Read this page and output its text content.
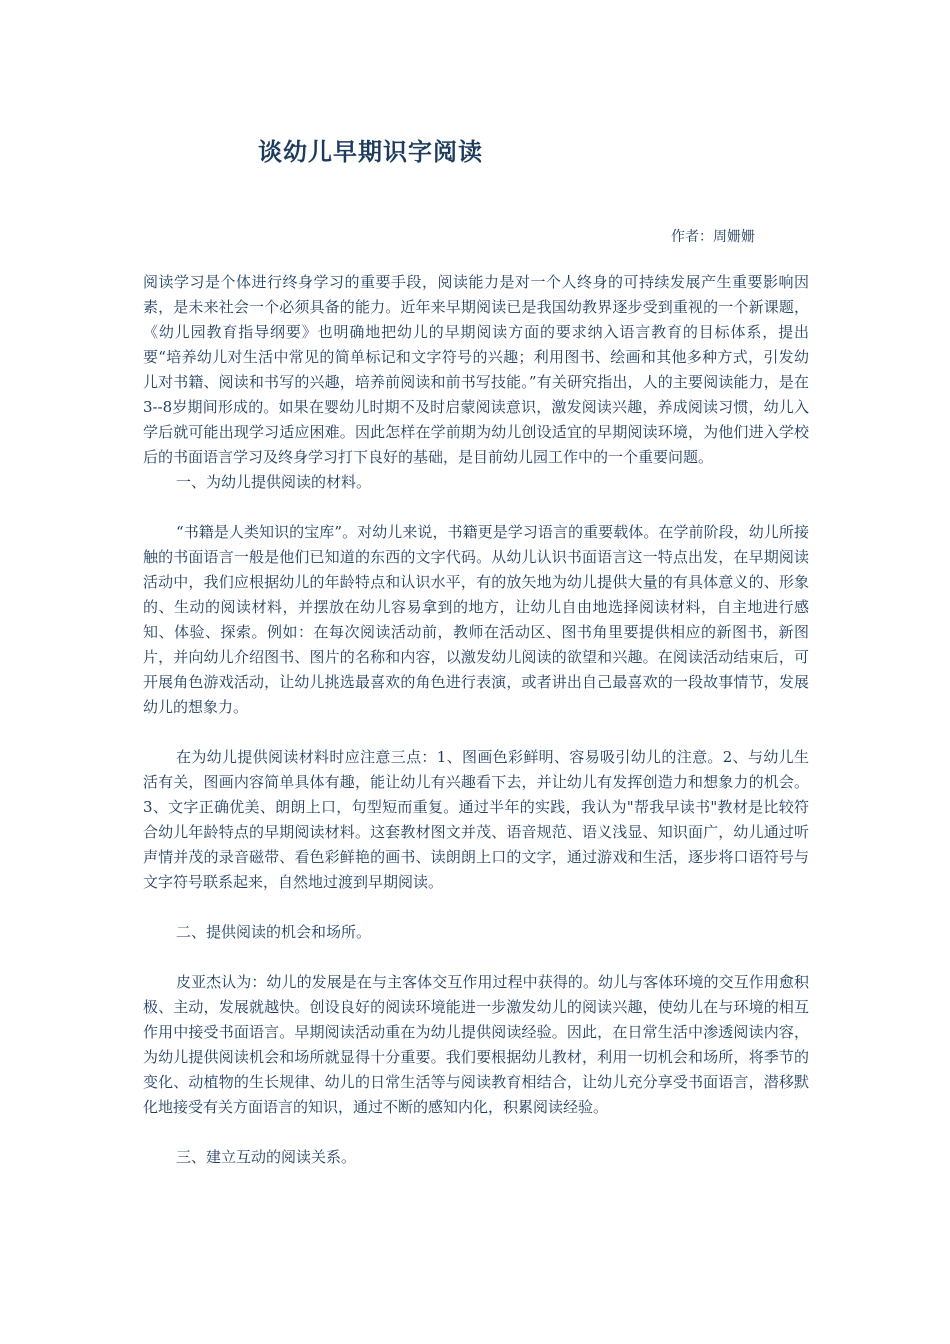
谈幼儿早期识字阅读
作者：周姗姗

阅读学习是个体进行终身学习的重要手段，阅读能力是对一个人终身的可持续发展产生重要影响因素，是未来社会一个必须具备的能力。近年来早期阅读已是我国幼教界逐步受到重视的一个新课题，《幼儿园教育指导纲要》也明确地把幼儿的早期阅读方面的要求纳入语言教育的目标体系，提出要“培养幼儿对生活中常见的简单标记和文字符号的兴趣；利用图书、绘画和其他多种方式，引发幼儿对书籍、阅读和书写的兴趣，培养前阅读和前书写技能。”有关研究指出，人的主要阅读能力，是在3--8岁期间形成的。如果在婴幼儿时期不及时启蒙阅读意识，激发阅读兴趣，养成阅读习惯，幼儿入学后就可能出现学习适应困难。因此怎样在学前期为幼儿创设适宜的早期阅读环境，为他们进入学校后的书面语言学习及终身学习打下良好的基础，是目前幼儿园工作中的一个重要问题。

一、为幼儿提供阅读的材料。

“书籍是人类知识的宝库”。对幼儿来说，书籍更是学习语言的重要载体。在学前阶段，幼儿所接触的书面语言一般是他们已知道的东西的文字代码。从幼儿认识书面语言这一特点出发，在早期阅读活动中，我们应根据幼儿的年龄特点和认识水平，有的放矢地为幼儿提供大量的有具体意义的、形象的、生动的阅读材料，并摆放在幼儿容易拿到的地方，让幼儿自由地选择阅读材料，自主地进行感知、体验、探索。例如：在每次阅读活动前，教师在活动区、图书角里要提供相应的新图书，新图片，并向幼儿介绍图书、图片的名称和内容，以激发幼儿阅读的欲望和兴趣。在阅读活动结束后，可开展角色游戏活动，让幼儿挑选最喜欢的角色进行表演，或者讲出自己最喜欢的一段故事情节，发展幼儿的想象力。

在为幼儿提供阅读材料时应注意三点：1、图画色彩鲜明、容易吸引幼儿的注意。2、与幼儿生活有关，图画内容简单具体有趣，能让幼儿有兴趣看下去，并让幼儿有发挥创造力和想象力的机会。3、文字正确优美、朗朗上口，句型短而重复。通过半年的实践，我认为"帮我早读书"教材是比较符合幼儿年龄特点的早期阅读材料。这套教材图文并茂、语音规范、语义浅显、知识面广，幼儿通过听声情并茂的录音磁带、看色彩鲜艳的画书、读朗朗上口的文字，通过游戏和生活，逐步将口语符号与文字符号联系起来，自然地过渡到早期阅读。

二、提供阅读的机会和场所。

皮亚杰认为：幼儿的发展是在与主客体交互作用过程中获得的。幼儿与客体环境的交互作用愈积极、主动，发展就越快。创设良好的阅读环境能进一步激发幼儿的阅读兴趣，使幼儿在与环境的相互作用中接受书面语言。早期阅读活动重在为幼儿提供阅读经验。因此，在日常生活中渗透阅读内容，为幼儿提供阅读机会和场所就显得十分重要。我们要根据幼儿教材，利用一切机会和场所，将季节的变化、动植物的生长规律、幼儿的日常生活等与阅读教育相结合，让幼儿充分享受书面语言，潜移默化地接受有关方面语言的知识，通过不断的感知内化，积累阅读经验。

三、建立互动的阅读关系。
